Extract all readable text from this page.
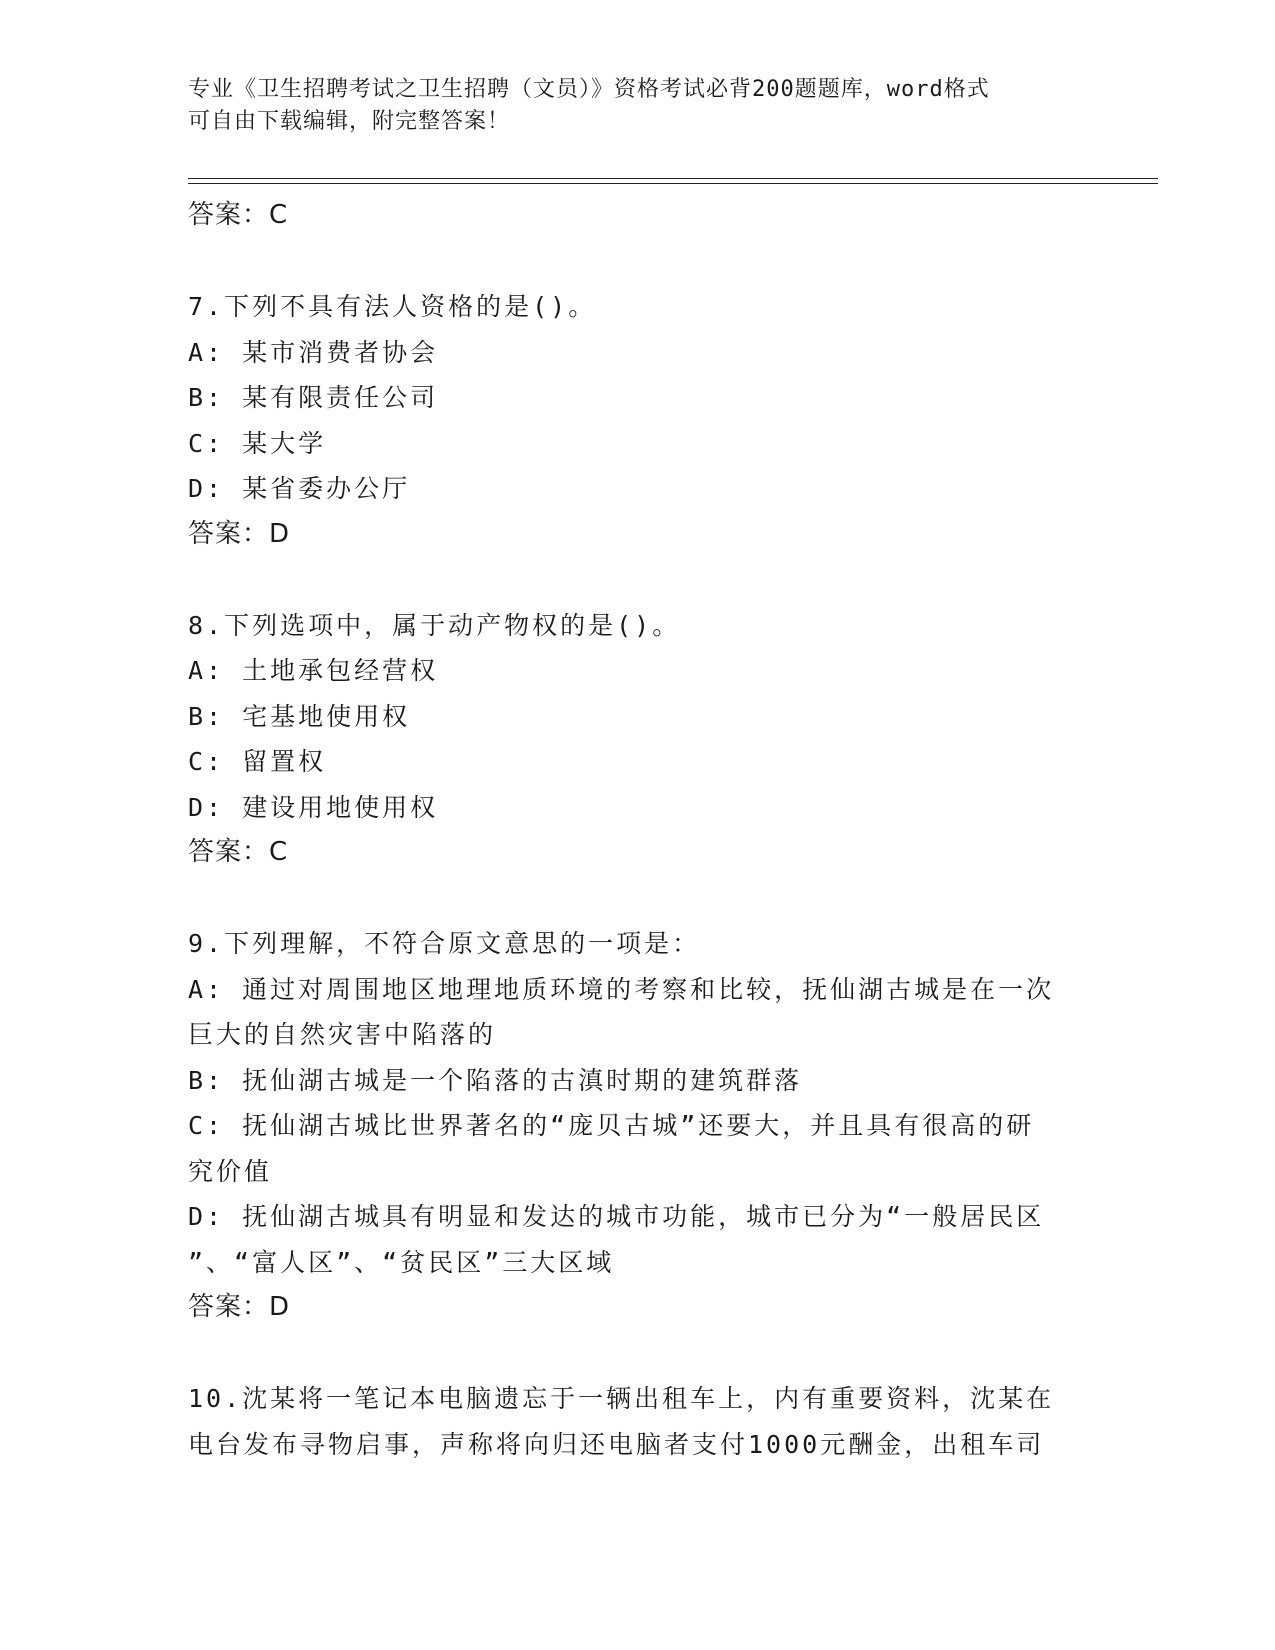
专业《卫生招聘考试之卫生招聘（文员）》资格考试必背200题题库，word格式
可自由下载编辑，附完整答案！
答案：C

7.下列不具有法人资格的是()。

A: 某市消费者协会

B: 某有限责任公司

C: 某大学

D: 某省委办公厅

答案：D

8.下列选项中，属于动产物权的是()。

A: 土地承包经营权

B: 宅基地使用权

C: 留置权

D: 建设用地使用权

答案：C

9.下列理解，不符合原文意思的一项是：

A: 通过对周围地区地理地质环境的考察和比较，抚仙湖古城是在一次

巨大的自然灾害中陷落的

B: 抚仙湖古城是一个陷落的古滇时期的建筑群落

C: 抚仙湖古城比世界著名的“庞贝古城”还要大，并且具有很高的研

究价值

D: 抚仙湖古城具有明显和发达的城市功能，城市已分为“一般居民区

”、“富人区”、“贫民区”三大区域

答案：D

10.沈某将一笔记本电脑遗忘于一辆出租车上，内有重要资料，沈某在

电台发布寻物启事，声称将向归还电脑者支付1000元酬金，出租车司
